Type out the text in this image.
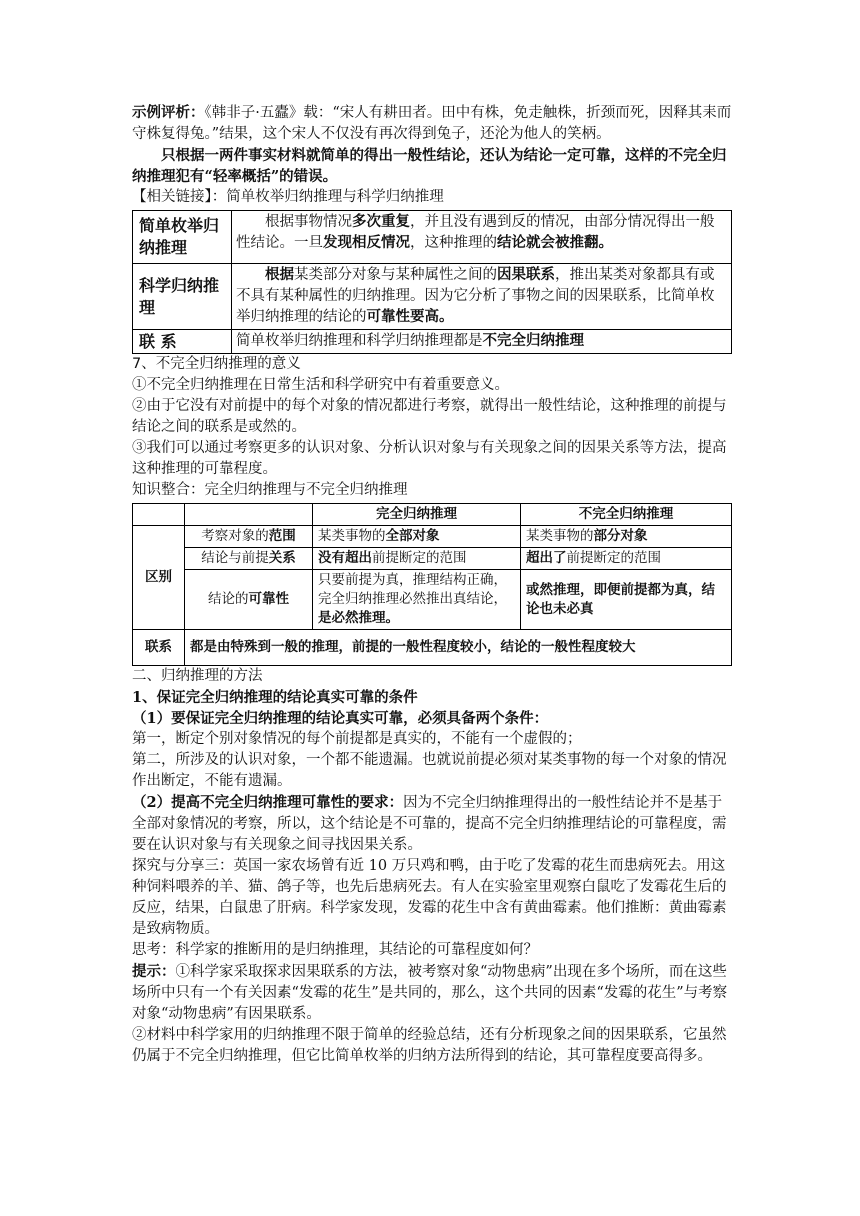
示例评析：《韩非子·五蠹》载：“宋人有耕田者。田中有株，免走触株，折颈而死，因释其耒而守株复得兔。”结果，这个宋人不仅没有再次得到兔子，还沦为他人的笑柄。

只根据一两件事实材料就简单的得出一般性结论，还认为结论一定可靠，这样的不完全归纳推理犯有“轻率概括”的错误。

【相关链接】：简单枚举归纳推理与科学归纳推理

简单枚举归纳推理	根据事物情况多次重复，并且没有遇到反的情况，由部分情况得出一般性结论。一旦发现相反情况，这种推理的结论就会被推翻。
科学归纳推理	根据某类部分对象与某种属性之间的因果联系，推出某类对象都具有或不具有某种属性的归纳推理。因为它分析了事物之间的因果联系，比简单枚举归纳推理的结论的可靠性要高。
联 系	简单枚举归纳推理和科学归纳推理都是不完全归纳推理

7、不完全归纳推理的意义

①不完全归纳推理在日常生活和科学研究中有着重要意义。

②由于它没有对前提中的每个对象的情况都进行考察，就得出一般性结论，这种推理的前提与结论之间的联系是或然的。

③我们可以通过考察更多的认识对象、分析认识对象与有关现象之间的因果关系等方法，提高这种推理的可靠程度。

知识整合：完全归纳推理与不完全归纳推理

		完全归纳推理	不完全归纳推理
区别	考察对象的范围	某类事物的全部对象	某类事物的部分对象
	结论与前提关系	没有超出前提断定的范围	超出了前提断定的范围
	结论的可靠性	只要前提为真，推理结构正确，完全归纳推理必然推出真结论，是必然推理。	或然推理，即便前提都为真，结论也未必真
联系	都是由特殊到一般的推理，前提的一般性程度较小，结论的一般性程度较大		

二、归纳推理的方法

1、保证完全归纳推理的结论真实可靠的条件

（1）要保证完全归纳推理的结论真实可靠，必须具备两个条件：

第一，断定个别对象情况的每个前提都是真实的，不能有一个虚假的；

第二，所涉及的认识对象，一个都不能遗漏。也就说前提必须对某类事物的每一个对象的情况作出断定，不能有遗漏。

（2）提高不完全归纳推理可靠性的要求：因为不完全归纳推理得出的一般性结论并不是基于全部对象情况的考察，所以，这个结论是不可靠的，提高不完全归纳推理结论的可靠程度，需要在认识对象与有关现象之间寻找因果关系。

探究与分享三：英国一家农场曾有近 10 万只鸡和鸭，由于吃了发霉的花生而患病死去。用这种饲料喂养的羊、猫、鸽子等，也先后患病死去。有人在实验室里观察白鼠吃了发霉花生后的反应，结果，白鼠患了肝病。科学家发现，发霉的花生中含有黄曲霉素。他们推断：黄曲霉素是致病物质。

思考：科学家的推断用的是归纳推理，其结论的可靠程度如何？

提示：①科学家采取探求因果联系的方法，被考察对象“动物患病”出现在多个场所，而在这些场所中只有一个有关因素“发霉的花生”是共同的，那么，这个共同的因素“发霉的花生”与考察对象“动物患病”有因果联系。

②材料中科学家用的归纳推理不限于简单的经验总结，还有分析现象之间的因果联系，它虽然仍属于不完全归纳推理，但它比简单枚举的归纳方法所得到的结论，其可靠程度要高得多。
